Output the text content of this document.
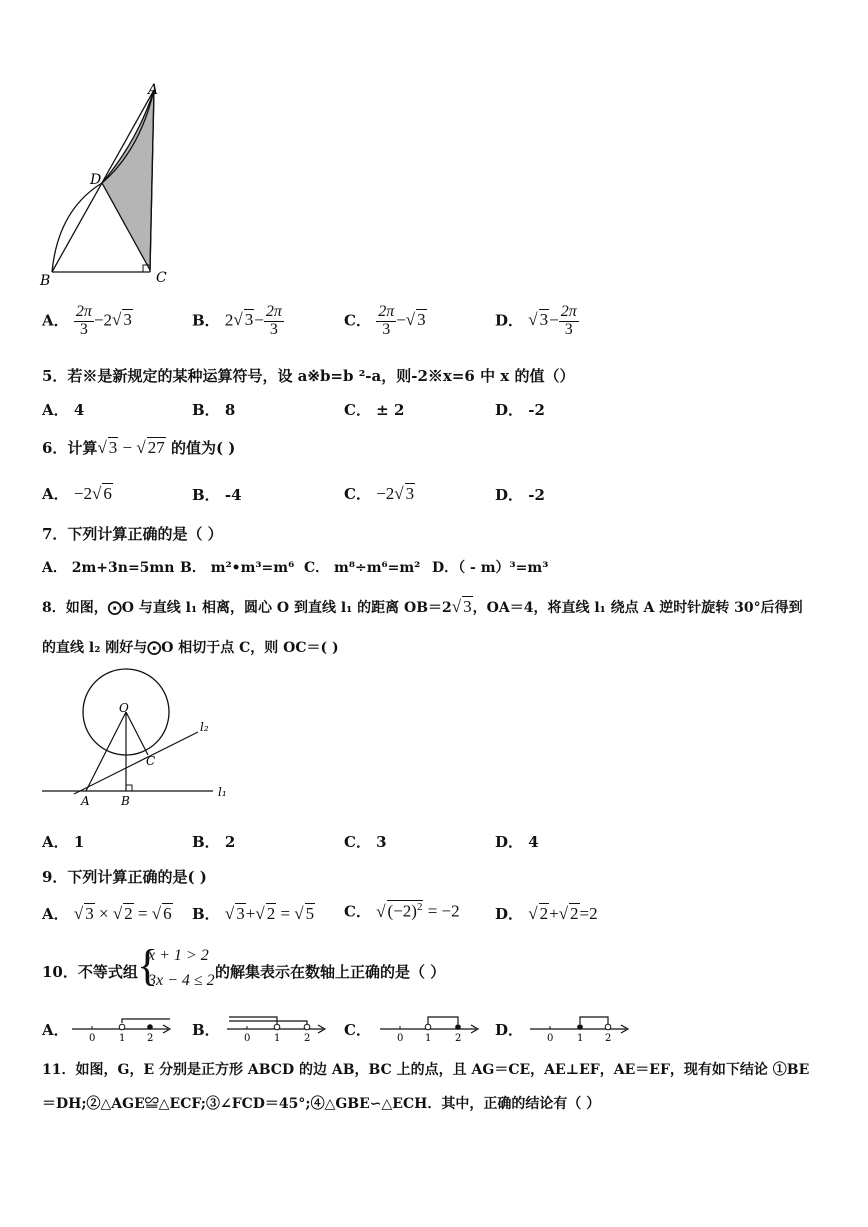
A
D
B	C
A． $\frac{2\pi}{3} -2√$ 3	B． 2√ $3- \frac{2\pi}{3}$	C． $\frac{2\pi}{3}$ −√ 3	D． √ $3- \frac{2\pi}{3}$
5．若※是新规定的某种运算符号，设 a※b=b ²-a，则-2※x=6 中 x 的值（）
A． 4	B． 8	C． ± 2	D． -2
6．计算√ 3 − √ 27 的值为( )
A． −2√ 6	B． -4	C． −2√ 3	D． -2
7．下列计算正确的是（ ）
A． 2m+3n=5mn B． m²•m³=m⁶ C． m⁸÷m⁶=m² D．（ - m）³=m³
8．如图，⨀O 与直线 l₁ 相离，圆心 O 到直线 l₁ 的距离 OB＝2√ 3，OA＝4，将直线 l₁ 绕点 A 逆时针旋转 30°后得到
的直线 l₂ 刚好与⨀O 相切于点 C，则 OC＝( )
O
C
A	B
l₁
l₂
A． 1	B． 2	C． 3	D． 4
9．下列计算正确的是( )
A． √ 3 × √ 2 = √ 6 B． √ 3+√ 2 = √ 5 C． √ $(-2)^2 = -2$ D． √ 2+√ 2=2
10．不等式组 {
x + 1 > 2
3x − 4 ≤ 2 的解集表示在数轴上正确的是（ ）
A．	B．	C．	D．
0 1 2	0 1 2	0 1 2	0 1 2
11．如图，G，E 分别是正方形 ABCD 的边 AB，BC 上的点，且 AG＝CE，AE⊥EF，AE＝EF，现有如下结论 ①BE
＝DH;②△AGE≌△ECF;③∠FCD＝45°;④△GBE∽△ECH．其中，正确的结论有（ ）
